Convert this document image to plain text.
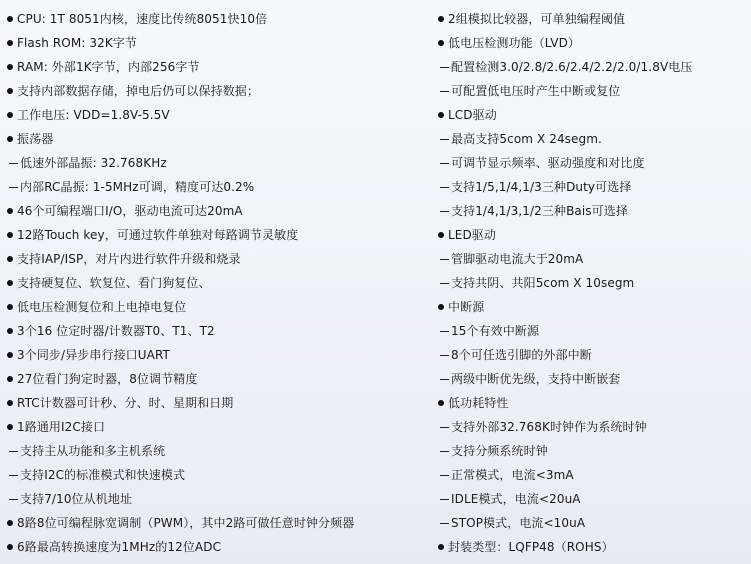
CPU: 1T 8051内核，速度比传统8051快10倍
Flash ROM: 32K字节
RAM: 外部1K字节，内部256字节
支持内部数据存储，掉电后仍可以保持数据；
工作电压: VDD=1.8V-5.5V
振荡器
低速外部晶振: 32.768KHz
内部RC晶振: 1-5MHz可调，精度可达0.2%
46个可编程端口I/O，驱动电流可达20mA
12路Touch key，可通过软件单独对每路调节灵敏度
支持IAP/ISP，对片内进行软件升级和烧录
支持硬复位、软复位、看门狗复位、
低电压检测复位和上电掉电复位
3个16 位定时器/计数器T0、T1、T2
3个同步/异步串行接口UART
27位看门狗定时器，8位调节精度
RTC计数器可计秒、分、时、星期和日期
1路通用I2C接口
支持主从功能和多主机系统
支持I2C的标准模式和快速模式
支持7/10位从机地址
8路8位可编程脉宽调制（PWM），其中2路可做任意时钟分频器
6路最高转换速度为1MHz的12位ADC
2组模拟比较器，可单独编程阈值
低电压检测功能（LVD）
配置检测3.0/2.8/2.6/2.4/2.2/2.0/1.8V电压
可配置低电压时产生中断或复位
LCD驱动
最高支持5com X 24segm.
可调节显示频率、驱动强度和对比度
支持1/5,1/4,1/3三种Duty可选择
支持1/4,1/3,1/2三种Bais可选择
LED驱动
管脚驱动电流大于20mA
支持共阴、共阳5com X 10segm
中断源
15个有效中断源
8个可任选引脚的外部中断
两级中断优先级，支持中断嵌套
低功耗特性
支持外部32.768K时钟作为系统时钟
支持分频系统时钟
正常模式，电流<3mA
IDLE模式，电流<20uA
STOP模式，电流<10uA
封装类型：LQFP48（ROHS）
